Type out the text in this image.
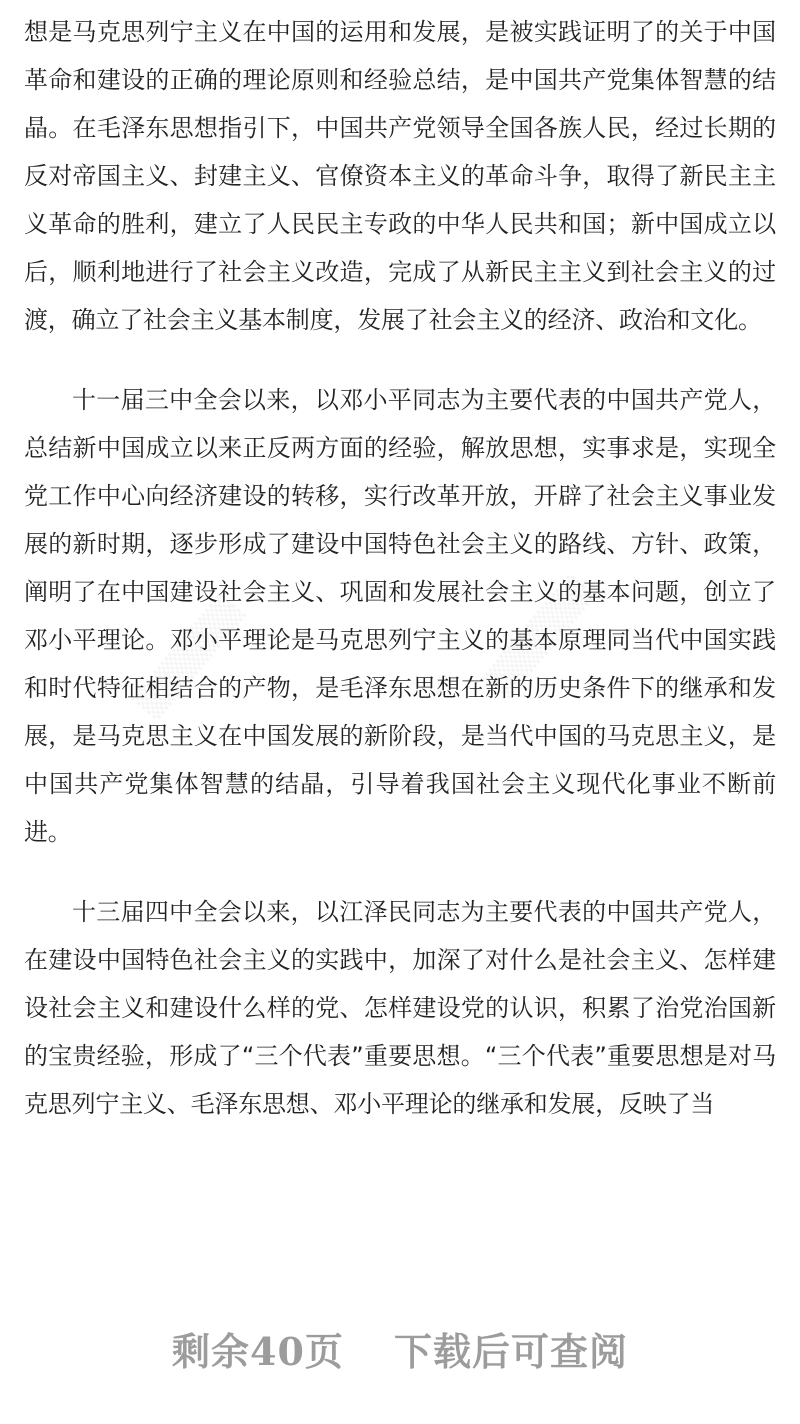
想是马克思列宁主义在中国的运用和发展，是被实践证明了的关于中国革命和建设的正确的理论原则和经验总结，是中国共产党集体智慧的结晶。在毛泽东思想指引下，中国共产党领导全国各族人民，经过长期的反对帝国主义、封建主义、官僚资本主义的革命斗争，取得了新民主主义革命的胜利，建立了人民民主专政的中华人民共和国；新中国成立以后，顺利地进行了社会主义改造，完成了从新民主主义到社会主义的过渡，确立了社会主义基本制度，发展了社会主义的经济、政治和文化。

十一届三中全会以来，以邓小平同志为主要代表的中国共产党人，总结新中国成立以来正反两方面的经验，解放思想，实事求是，实现全党工作中心向经济建设的转移，实行改革开放，开辟了社会主义事业发展的新时期，逐步形成了建设中国特色社会主义的路线、方针、政策，阐明了在中国建设社会主义、巩固和发展社会主义的基本问题，创立了邓小平理论。邓小平理论是马克思列宁主义的基本原理同当代中国实践和时代特征相结合的产物，是毛泽东思想在新的历史条件下的继承和发展，是马克思主义在中国发展的新阶段，是当代中国的马克思主义，是中国共产党集体智慧的结晶，引导着我国社会主义现代化事业不断前进。

十三届四中全会以来，以江泽民同志为主要代表的中国共产党人，在建设中国特色社会主义的实践中，加深了对什么是社会主义、怎样建设社会主义和建设什么样的党、怎样建设党的认识，积累了治党治国新的宝贵经验，形成了“三个代表”重要思想。“三个代表”重要思想是对马克思列宁主义、毛泽东思想、邓小平理论的继承和发展，反映了当

▒▒▒▒▒▒	▒▒▒▒▒▒
剩余40页 下载后可查阅
